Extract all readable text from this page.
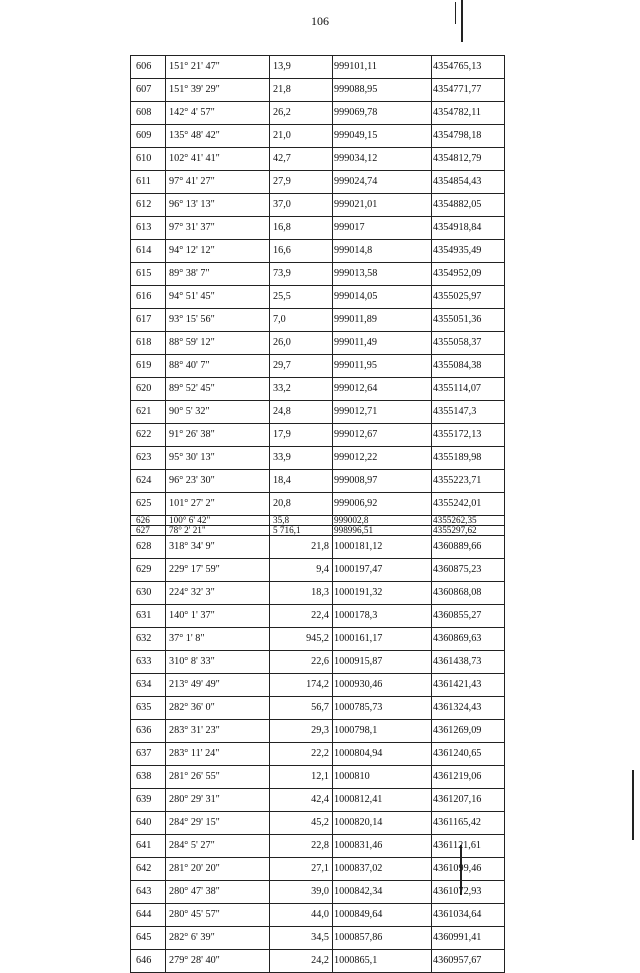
106
606	151° 21' 47"	13,9	999101,11	4354765,13
607	151° 39' 29"	21,8	999088,95	4354771,77
608	142° 4' 57"	26,2	999069,78	4354782,11
609	135° 48' 42"	21,0	999049,15	4354798,18
610	102° 41' 41"	42,7	999034,12	4354812,79
611	97° 41' 27"	27,9	999024,74	4354854,43
612	96° 13' 13"	37,0	999021,01	4354882,05
613	97° 31' 37"	16,8	999017	4354918,84
614	94° 12' 12"	16,6	999014,8	4354935,49
615	89° 38' 7"	73,9	999013,58	4354952,09
616	94° 51' 45"	25,5	999014,05	4355025,97
617	93° 15' 56"	7,0	999011,89	4355051,36
618	88° 59' 12"	26,0	999011,49	4355058,37
619	88° 40' 7"	29,7	999011,95	4355084,38
620	89° 52' 45"	33,2	999012,64	4355114,07
621	90° 5' 32"	24,8	999012,71	4355147,3
622	91° 26' 38"	17,9	999012,67	4355172,13
623	95° 30' 13"	33,9	999012,22	4355189,98
624	96° 23' 30"	18,4	999008,97	4355223,71
625	101° 27' 2"	20,8	999006,92	4355242,01
626	100° 6' 42"	35,8	999002,8	4355262,35
627	78° 2' 21"	5 716,1	998996,51	4355297,62
628	318° 34' 9"	21,8	1000181,12	4360889,66
629	229° 17' 59"	9,4	1000197,47	4360875,23
630	224° 32' 3"	18,3	1000191,32	4360868,08
631	140° 1' 37"	22,4	1000178,3	4360855,27
632	37° 1' 8"	945,2	1000161,17	4360869,63
633	310° 8' 33"	22,6	1000915,87	4361438,73
634	213° 49' 49"	174,2	1000930,46	4361421,43
635	282° 36' 0"	56,7	1000785,73	4361324,43
636	283° 31' 23"	29,3	1000798,1	4361269,09
637	283° 11' 24"	22,2	1000804,94	4361240,65
638	281° 26' 55"	12,1	1000810	4361219,06
639	280° 29' 31"	42,4	1000812,41	4361207,16
640	284° 29' 15"	45,2	1000820,14	4361165,42
641	284° 5' 27"	22,8	1000831,46	4361121,61
642	281° 20' 20"	27,1	1000837,02	4361099,46
643	280° 47' 38"	39,0	1000842,34	4361072,93
644	280° 45' 57"	44,0	1000849,64	4361034,64
645	282° 6' 39"	34,5	1000857,86	4360991,41
646	279° 28' 40"	24,2	1000865,1	4360957,67
